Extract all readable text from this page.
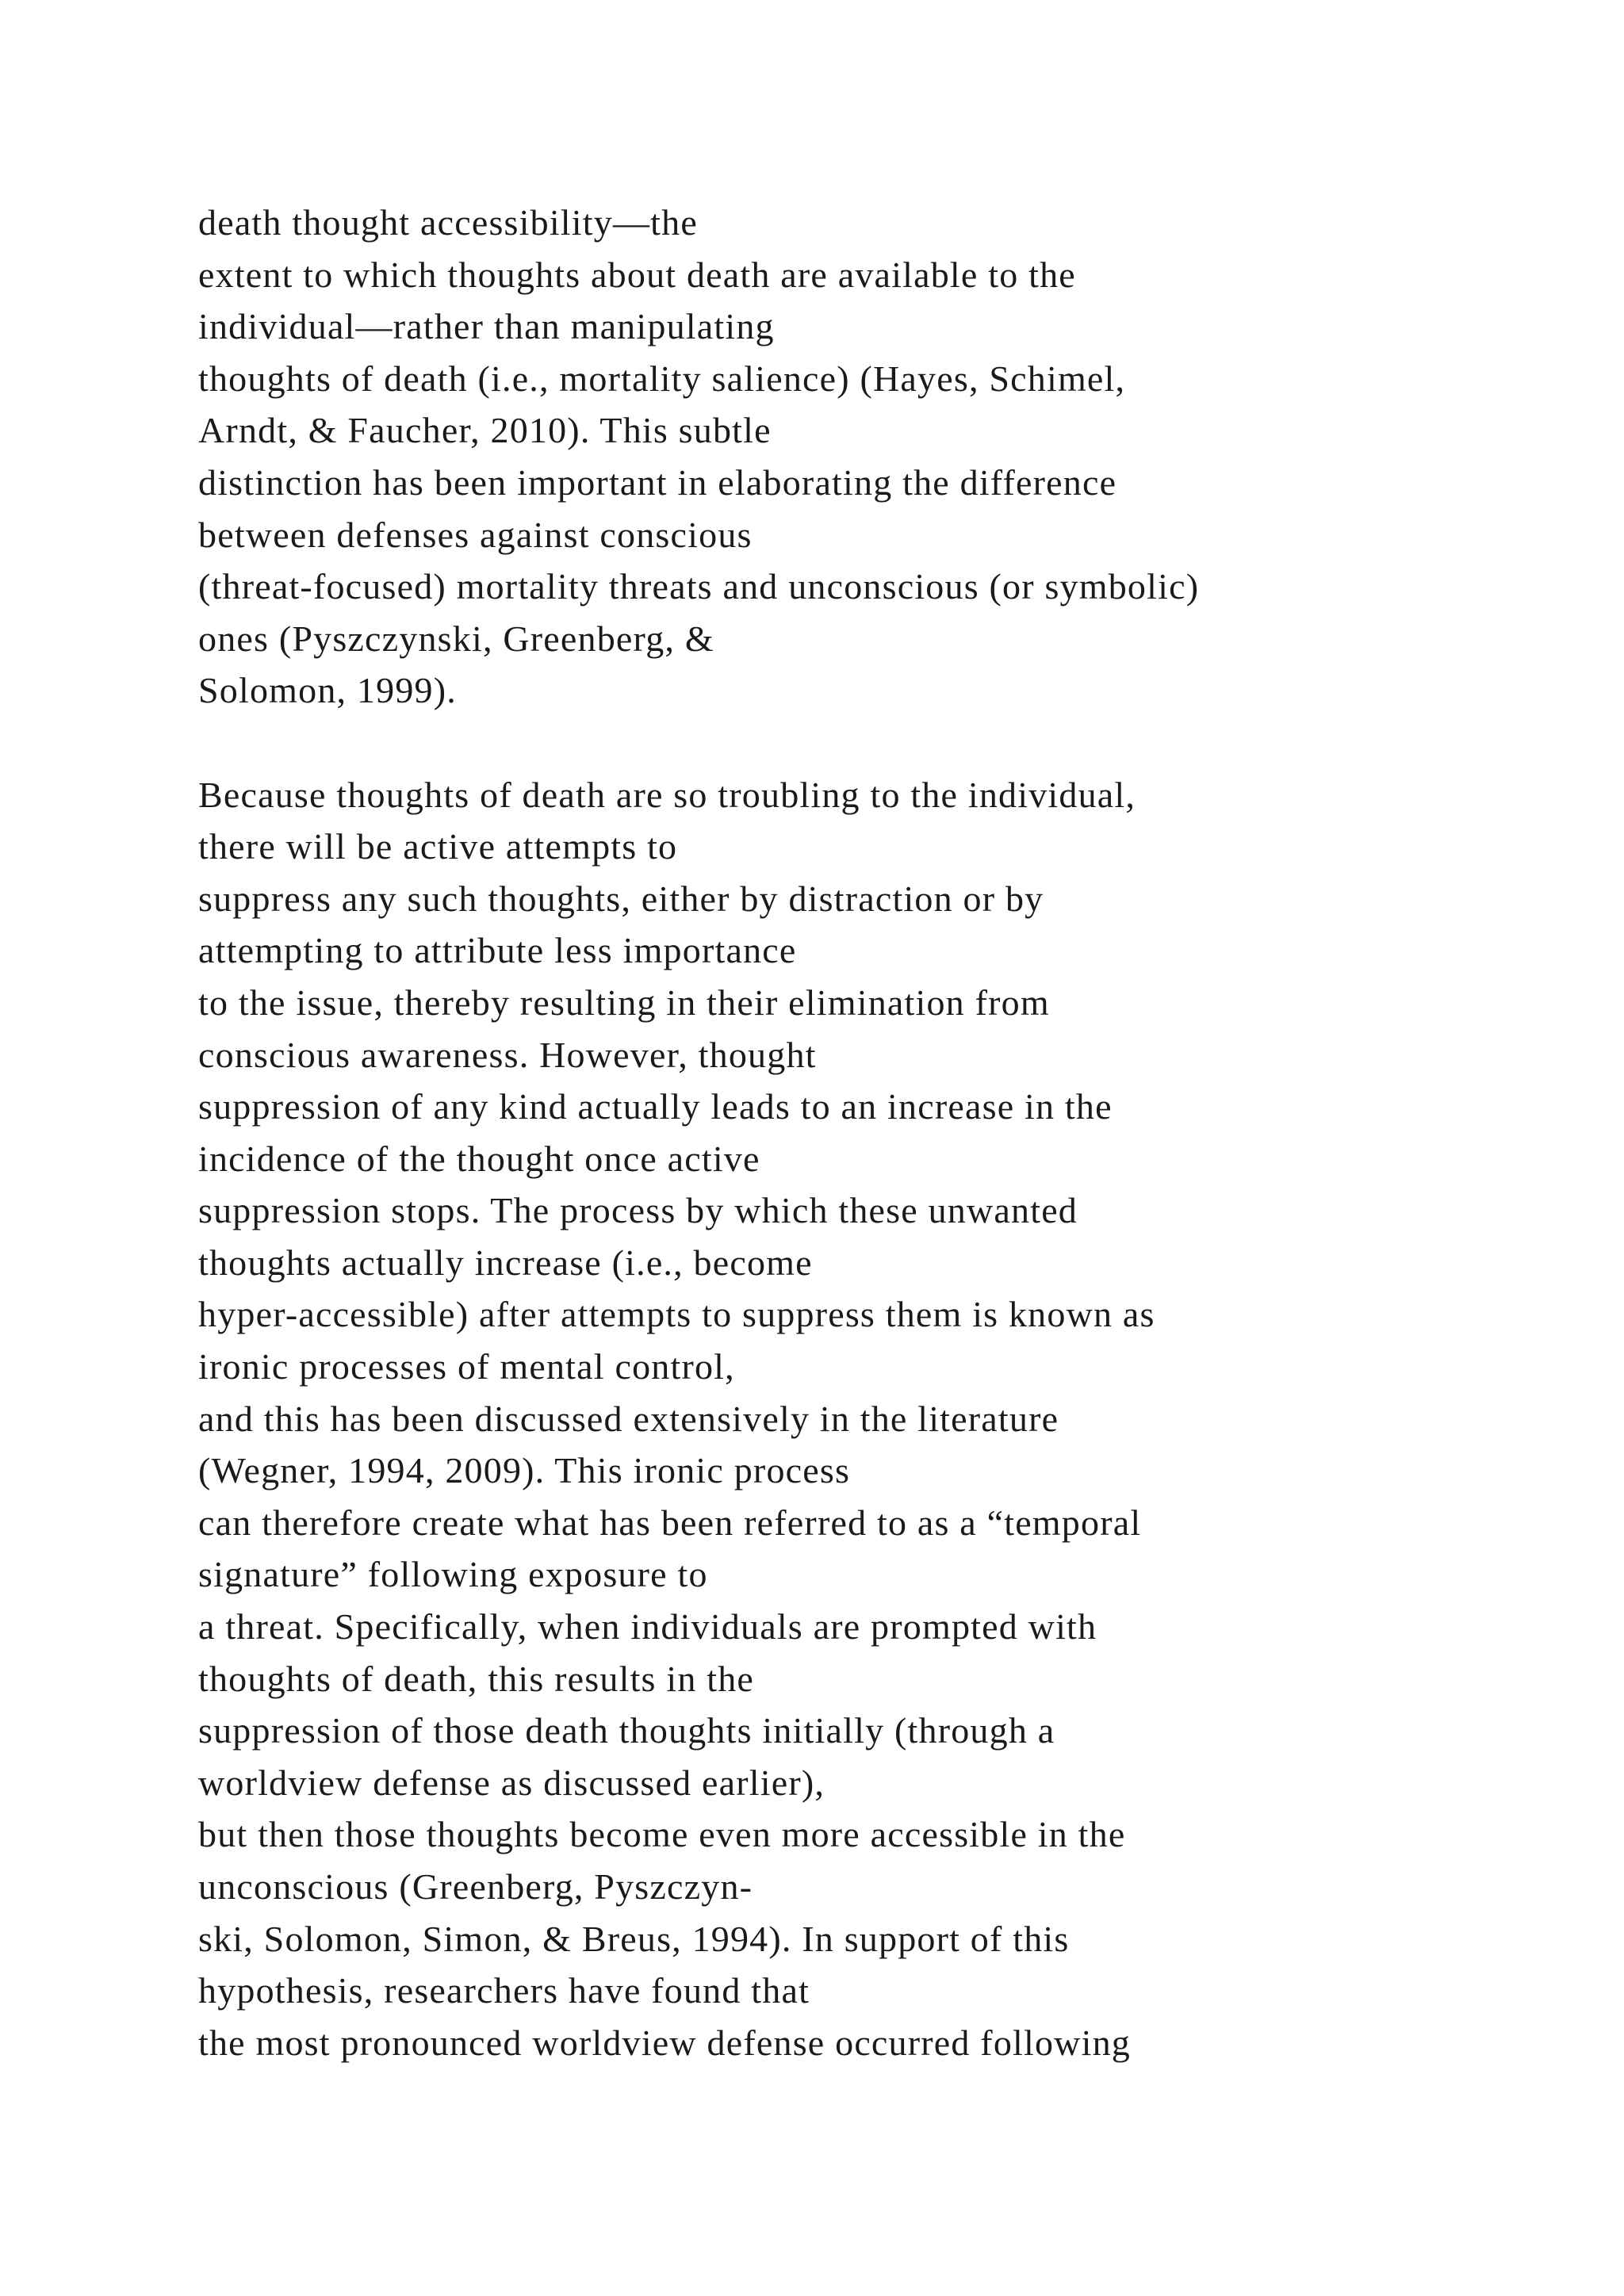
death thought accessibility—the
extent to which thoughts about death are available to the
individual—rather than manipulating
thoughts of death (i.e., mortality salience) (Hayes, Schimel,
Arndt, & Faucher, 2010). This subtle
distinction has been important in elaborating the difference
between defenses against conscious
(threat-focused) mortality threats and unconscious (or symbolic)
ones (Pyszczynski, Greenberg, &
Solomon, 1999).
Because thoughts of death are so troubling to the individual,
there will be active attempts to
suppress any such thoughts, either by distraction or by
attempting to attribute less importance
to the issue, thereby resulting in their elimination from
conscious awareness. However, thought
suppression of any kind actually leads to an increase in the
incidence of the thought once active
suppression stops. The process by which these unwanted
thoughts actually increase (i.e., become
hyper-accessible) after attempts to suppress them is known as
ironic processes of mental control,
and this has been discussed extensively in the literature
(Wegner, 1994, 2009). This ironic process
can therefore create what has been referred to as a “temporal
signature” following exposure to
a threat. Specifically, when individuals are prompted with
thoughts of death, this results in the
suppression of those death thoughts initially (through a
worldview defense as discussed earlier),
but then those thoughts become even more accessible in the
unconscious (Greenberg, Pyszczyn-
ski, Solomon, Simon, & Breus, 1994). In support of this
hypothesis, researchers have found that
the most pronounced worldview defense occurred following
